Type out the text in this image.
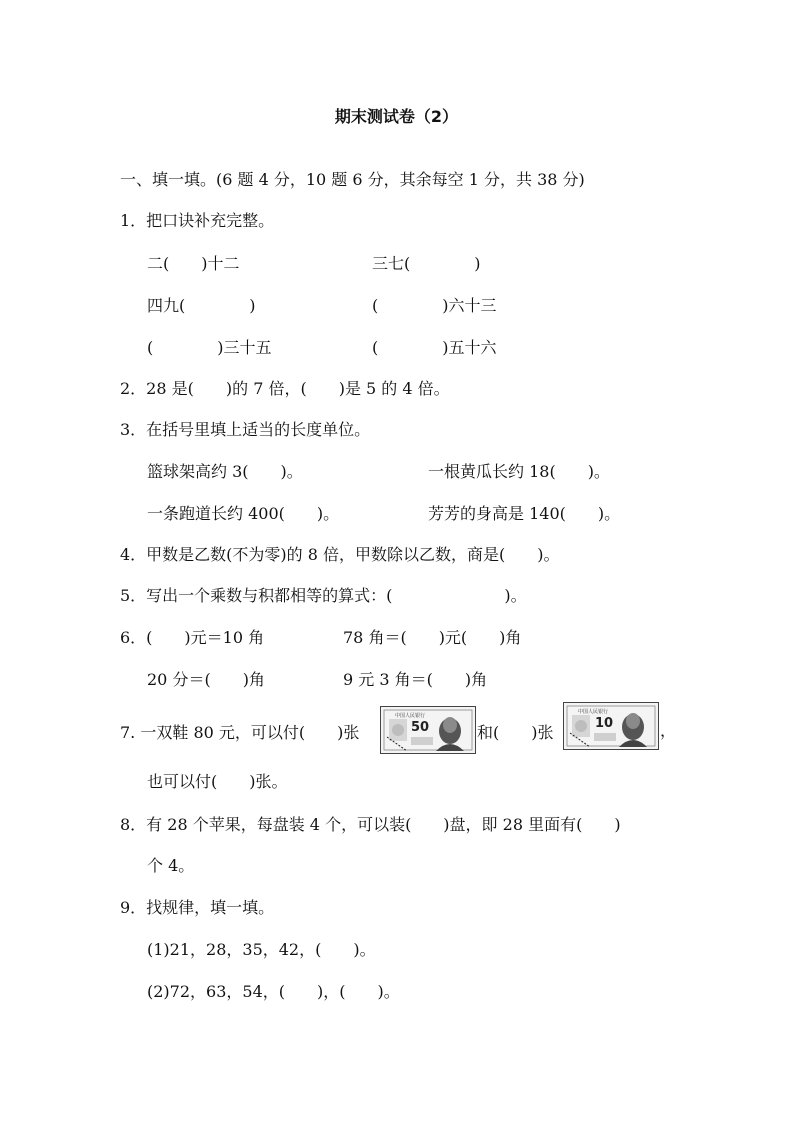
期末测试卷（2）
一、填一填。(6 题 4 分，10 题 6 分，其余每空 1 分，共 38 分)
1．把口诀补充完整。
二(　　)十二	三七(　　　　)
四九(　　　　)	(　　　　)六十三
(　　　　)三十五	(　　　　)五十六
2．28 是(　　)的 7 倍，(　　)是 5 的 4 倍。
3．在括号里填上适当的长度单位。
篮球架高约 3(　　)。	一根黄瓜长约 18(　　)。
一条跑道长约 400(　　)。	芳芳的身高是 140(　　)。
4．甲数是乙数(不为零)的 8 倍，甲数除以乙数，商是(　　)。
5．写出一个乘数与积都相等的算式：(　　　　　　　)。
6．(　　)元＝10 角	78 角＝(　　)元(　　)角
20 分＝(　　)角	9 元 3 角＝(　　)角
7. 一双鞋 80 元，可以付(　　)张	50
中国人民银行
和(　　)张	10
中国人民银行
，
也可以付(　　)张。
8．有 28 个苹果，每盘装 4 个，可以装(　　)盘，即 28 里面有(　　)
个 4。
9．找规律，填一填。
(1)21，28，35，42，(　　)。
(2)72，63，54，(　　)，(　　)。
